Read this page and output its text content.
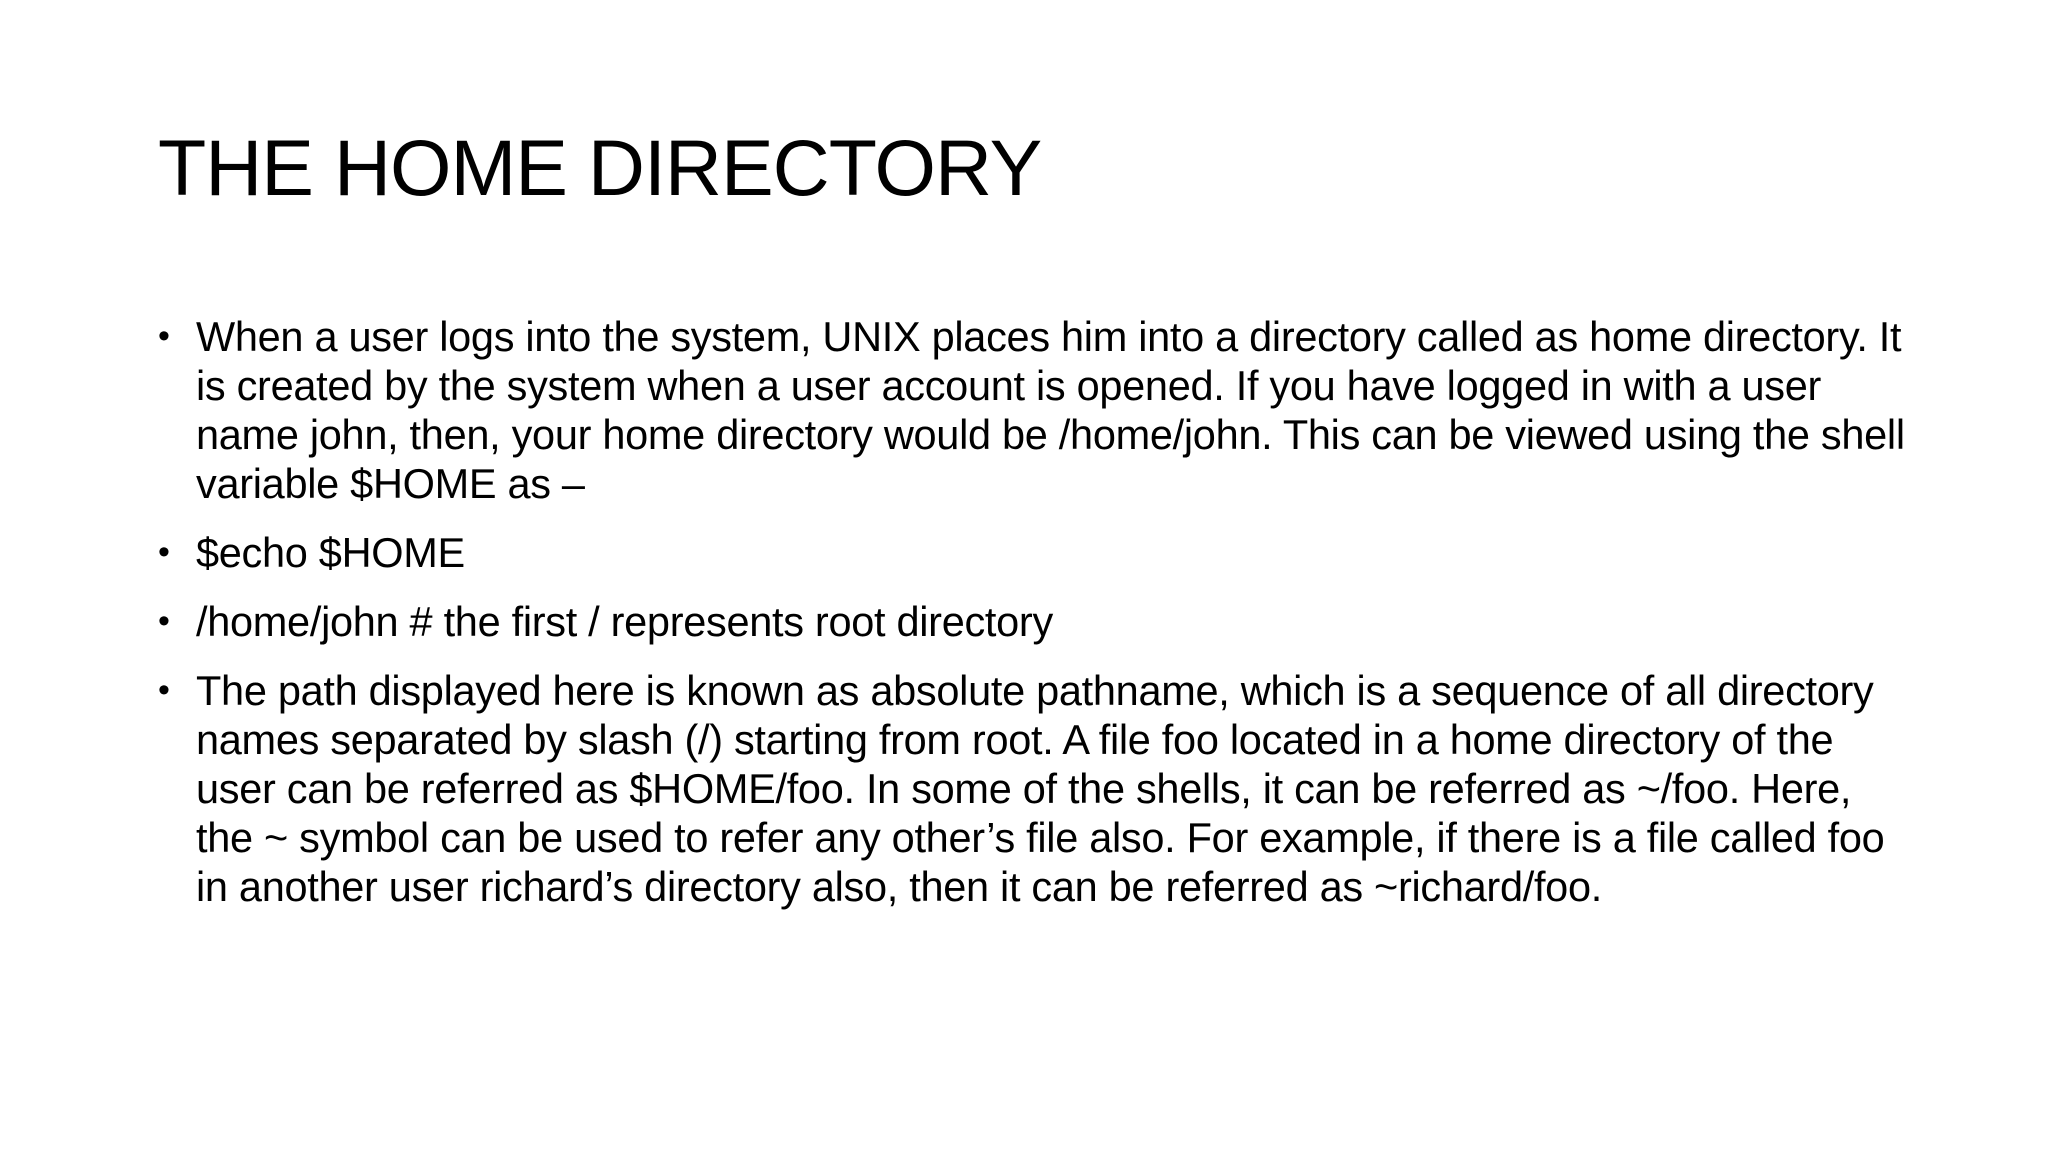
THE HOME DIRECTORY
• When a user logs into the system, UNIX places him into a directory called as home directory. It is created by the system when a user account is opened. If you have logged in with a user name john, then, your home directory would be /home/john. This can be viewed using the shell variable $HOME as –
• $echo $HOME
• /home/john # the first / represents root directory
• The path displayed here is known as absolute pathname, which is a sequence of all directory names separated by slash (/) starting from root. A file foo located in a home directory of the user can be referred as $HOME/foo. In some of the shells, it can be referred as ~/foo. Here, the ~ symbol can be used to refer any other’s file also. For example, if there is a file called foo in another user richard’s directory also, then it can be referred as ~richard/foo.
